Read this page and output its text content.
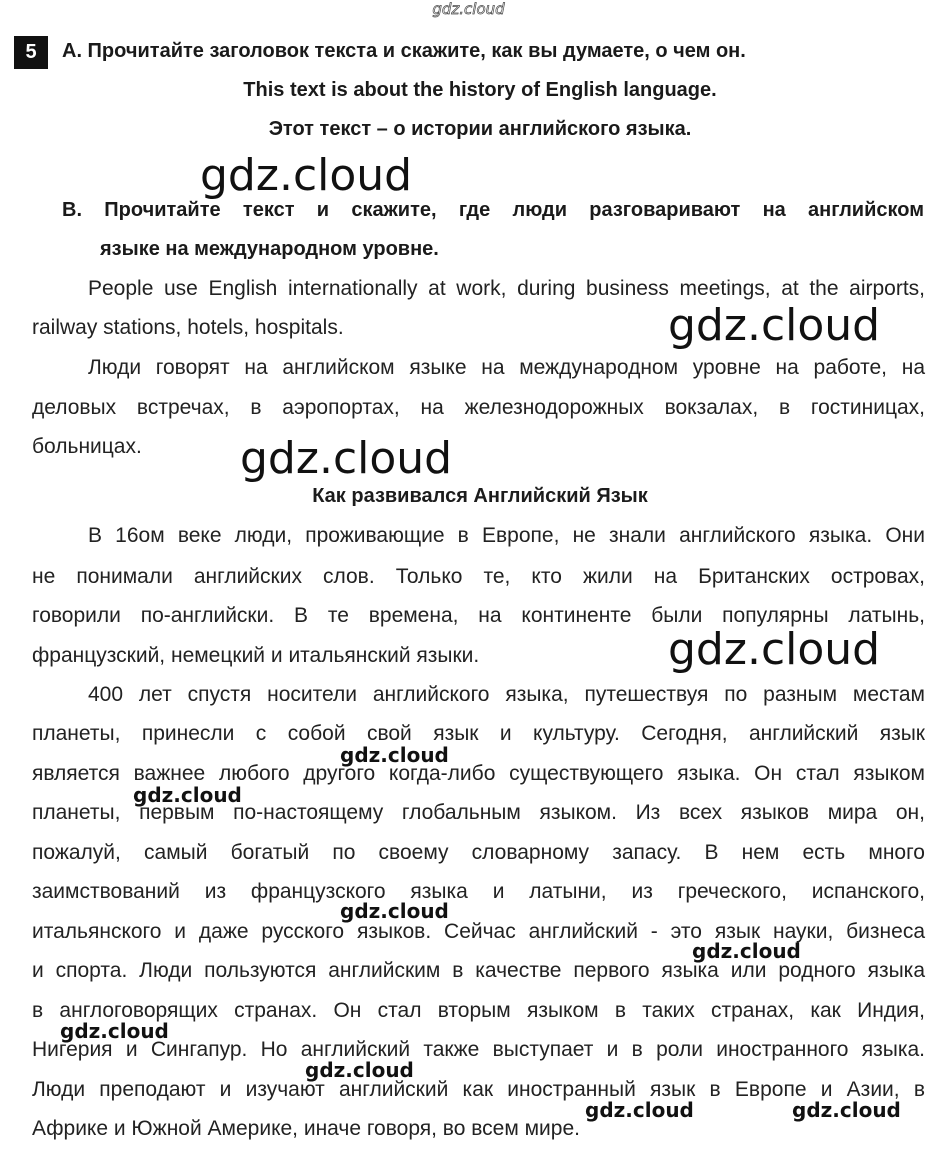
gdz.cloud
5	A. Прочитайте заголовок текста и скажите, как вы думаете, о чем он.
This text is about the history of English language.
Этот текст – о истории английского языка.
B. Прочитайте текст и скажите, где люди разговаривают на английском
языке на международном уровне.
People use English internationally at work, during business meetings, at the airports,
railway stations, hotels, hospitals.
Люди говорят на английском языке на международном уровне на работе, на
деловых встречах, в аэропортах, на железнодорожных вокзалах, в гостиницах,
больницах.
Как развивался Английский Язык
В 16ом веке люди, проживающие в Европе, не знали английского языка. Они
не понимали английских слов. Только те, кто жили на Британских островах,
говорили по-английски. В те времена, на континенте были популярны латынь,
французский, немецкий и итальянский языки.
400 лет спустя носители английского языка, путешествуя по разным местам
планеты, принесли с собой свой язык и культуру. Сегодня, английский язык
является важнее любого другого когда-либо существующего языка. Он стал языком
планеты, первым по-настоящему глобальным языком. Из всех языков мира он,
пожалуй, самый богатый по своему словарному запасу. В нем есть много
заимствований из французского языка и латыни, из греческого, испанского,
итальянского и даже русского языков. Сейчас английский - это язык науки, бизнеса
и спорта. Люди пользуются английским в качестве первого языка или родного языка
в англоговорящих странах. Он стал вторым языком в таких странах, как Индия,
Нигерия и Сингапур. Но английский также выступает и в роли иностранного языка.
Люди преподают и изучают английский как иностранный язык в Европе и Азии, в
Африке и Южной Америке, иначе говоря, во всем мире.
gdz.cloud
gdz.cloud
gdz.cloud
gdz.cloud
gdz.cloud
gdz.cloud
gdz.cloud
gdz.cloud
gdz.cloud
gdz.cloud
gdz.cloud	gdz.cloud
